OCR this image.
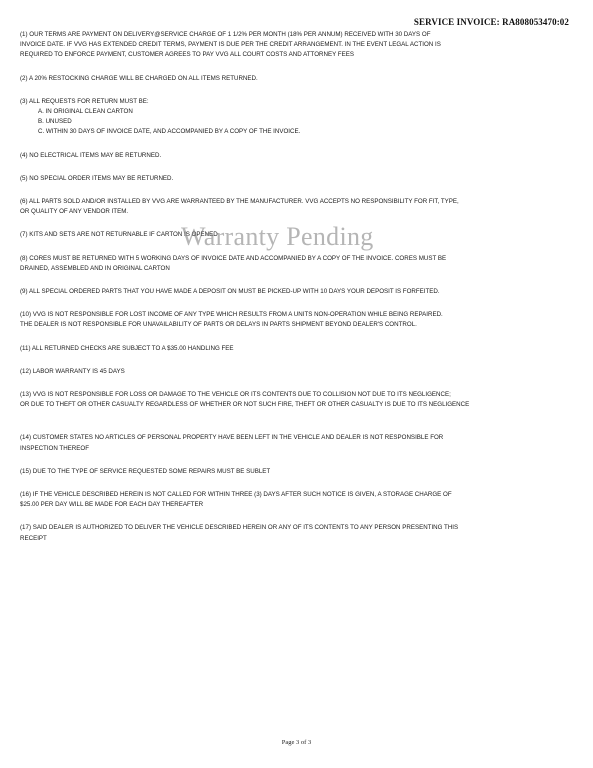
SERVICE INVOICE: RA808053470:02
(1) OUR TERMS ARE PAYMENT ON DELIVERY@SERVICE CHARGE OF 1 1/2% PER MONTH (18% PER ANNUM) RECEIVED WITH 30 DAYS OF
INVOICE DATE. IF VVG HAS EXTENDED CREDIT TERMS, PAYMENT IS DUE PER THE CREDIT ARRANGEMENT. IN THE EVENT LEGAL ACTION IS
REQUIRED TO ENFORCE PAYMENT, CUSTOMER AGREES TO PAY VVG ALL COURT COSTS AND ATTORNEY FEES
(2) A 20% RESTOCKING CHARGE WILL BE CHARGED ON ALL ITEMS RETURNED.
(3) ALL REQUESTS FOR RETURN MUST BE:
A. IN ORIGINAL CLEAN CARTON
B. UNUSED
C. WITHIN 30 DAYS OF INVOICE DATE, AND ACCOMPANIED BY A COPY OF THE INVOICE.
(4) NO ELECTRICAL ITEMS MAY BE RETURNED.
(5) NO SPECIAL ORDER ITEMS MAY BE RETURNED.
(6) ALL PARTS SOLD AND/OR INSTALLED BY VVG ARE WARRANTEED BY THE MANUFACTURER. VVG ACCEPTS NO RESPONSIBILITY FOR FIT, TYPE,
OR QUALITY OF ANY VENDOR ITEM.
(7) KITS AND SETS ARE NOT RETURNABLE IF CARTON IS OPENED
(8) CORES MUST BE RETURNED WITH 5 WORKING DAYS OF INVOICE DATE AND ACCOMPANIED BY A COPY OF THE INVOICE. CORES MUST BE
DRAINED, ASSEMBLED AND IN ORIGINAL CARTON
(9) ALL SPECIAL ORDERED PARTS THAT YOU HAVE MADE A DEPOSIT ON MUST BE PICKED-UP WITH 10 DAYS YOUR DEPOSIT IS FORFEITED.
(10) VVG IS NOT RESPONSIBLE FOR LOST INCOME OF ANY TYPE WHICH RESULTS FROM A UNITS NON-OPERATION WHILE BEING REPAIRED.
THE DEALER IS NOT RESPONSIBLE FOR UNAVAILABILITY OF PARTS OR DELAYS IN PARTS SHIPMENT BEYOND DEALER'S CONTROL.
(11) ALL RETURNED CHECKS ARE SUBJECT TO A $35.00 HANDLING FEE
(12) LABOR WARRANTY IS 45 DAYS
(13) VVG IS NOT RESPONSIBLE FOR LOSS OR DAMAGE TO THE VEHICLE OR ITS CONTENTS DUE TO COLLISION NOT DUE TO ITS NEGLIGENCE;
OR DUE TO THEFT OR OTHER CASUALTY REGARDLESS OF WHETHER OR NOT SUCH FIRE, THEFT OR OTHER CASUALTY IS DUE TO ITS NEGLIGENCE
(14) CUSTOMER STATES NO ARTICLES OF PERSONAL PROPERTY HAVE BEEN LEFT IN THE VEHICLE AND DEALER IS NOT RESPONSIBLE FOR
INSPECTION THEREOF
(15) DUE TO THE TYPE OF SERVICE REQUESTED SOME REPAIRS MUST BE SUBLET
(16) IF THE VEHICLE DESCRIBED HEREIN IS NOT CALLED FOR WITHIN THREE (3) DAYS AFTER SUCH NOTICE IS GIVEN, A STORAGE CHARGE OF
$25.00 PER DAY WILL BE MADE FOR EACH DAY THEREAFTER
(17) SAID DEALER IS AUTHORIZED TO DELIVER THE VEHICLE DESCRIBED HEREIN OR ANY OF ITS CONTENTS TO ANY PERSON PRESENTING THIS
RECEIPT
Warranty Pending
Page 3 of 3
